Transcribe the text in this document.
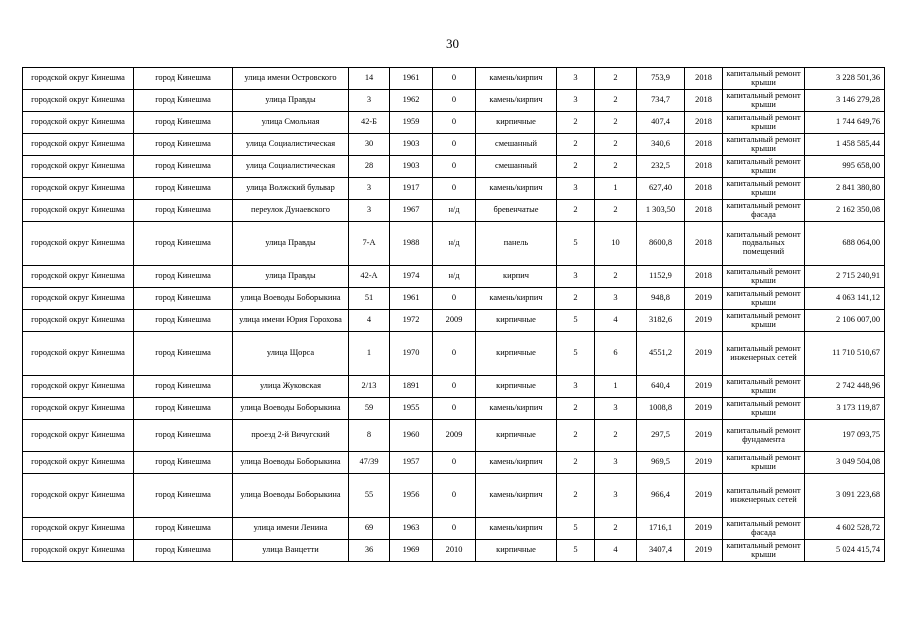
30
городской округ Кинешма	город Кинешма	улица имени Островского	14	1961	0	камень/кирпич	3	2	753,9	2018	капитальный ремонт крыши	3 228 501,36
городской округ Кинешма	город Кинешма	улица Правды	3	1962	0	камень/кирпич	3	2	734,7	2018	капитальный ремонт крыши	3 146 279,28
городской округ Кинешма	город Кинешма	улица Смольная	42-Б	1959	0	кирпичные	2	2	407,4	2018	капитальный ремонт крыши	1 744 649,76
городской округ Кинешма	город Кинешма	улица Социалистическая	30	1903	0	смешанный	2	2	340,6	2018	капитальный ремонт крыши	1 458 585,44
городской округ Кинешма	город Кинешма	улица Социалистическая	28	1903	0	смешанный	2	2	232,5	2018	капитальный ремонт крыши	995 658,00
городской округ Кинешма	город Кинешма	улица Волжский бульвар	3	1917	0	камень/кирпич	3	1	627,40	2018	капитальный ремонт крыши	2 841 380,80
городской округ Кинешма	город Кинешма	переулок Дунаевского	3	1967	н/д	бревенчатые	2	2	1 303,50	2018	капитальный ремонт фасада	2 162 350,08
городской округ Кинешма	город Кинешма	улица Правды	7-А	1988	н/д	панель	5	10	8600,8	2018	капитальный ремонт подвальных помещений	688 064,00
городской округ Кинешма	город Кинешма	улица Правды	42-А	1974	н/д	кирпич	3	2	1152,9	2018	капитальный ремонт крыши	2 715 240,91
городской округ Кинешма	город Кинешма	улица Воеводы Боборыкина	51	1961	0	камень/кирпич	2	3	948,8	2019	капитальный ремонт крыши	4 063 141,12
городской округ Кинешма	город Кинешма	улица имени Юрия Горохова	4	1972	2009	кирпичные	5	4	3182,6	2019	капитальный ремонт крыши	2 106 007,00
городской округ Кинешма	город Кинешма	улица Щорса	1	1970	0	кирпичные	5	6	4551,2	2019	капитальный ремонт инженерных сетей	11 710 510,67
городской округ Кинешма	город Кинешма	улица Жуковская	2/13	1891	0	кирпичные	3	1	640,4	2019	капитальный ремонт крыши	2 742 448,96
городской округ Кинешма	город Кинешма	улица Воеводы Боборыкина	59	1955	0	камень/кирпич	2	3	1008,8	2019	капитальный ремонт крыши	3 173 119,87
городской округ Кинешма	город Кинешма	проезд 2-й Вичугский	8	1960	2009	кирпичные	2	2	297,5	2019	капитальный ремонт фундамента	197 093,75
городской округ Кинешма	город Кинешма	улица Воеводы Боборыкина	47/39	1957	0	камень/кирпич	2	3	969,5	2019	капитальный ремонт крыши	3 049 504,08
городской округ Кинешма	город Кинешма	улица Воеводы Боборыкина	55	1956	0	камень/кирпич	2	3	966,4	2019	капитальный ремонт инженерных сетей	3 091 223,68
городской округ Кинешма	город Кинешма	улица имени Ленина	69	1963	0	камень/кирпич	5	2	1716,1	2019	капитальный ремонт фасада	4 602 528,72
городской округ Кинешма	город Кинешма	улица Ванцетти	36	1969	2010	кирпичные	5	4	3407,4	2019	капитальный ремонт крыши	5 024 415,74
